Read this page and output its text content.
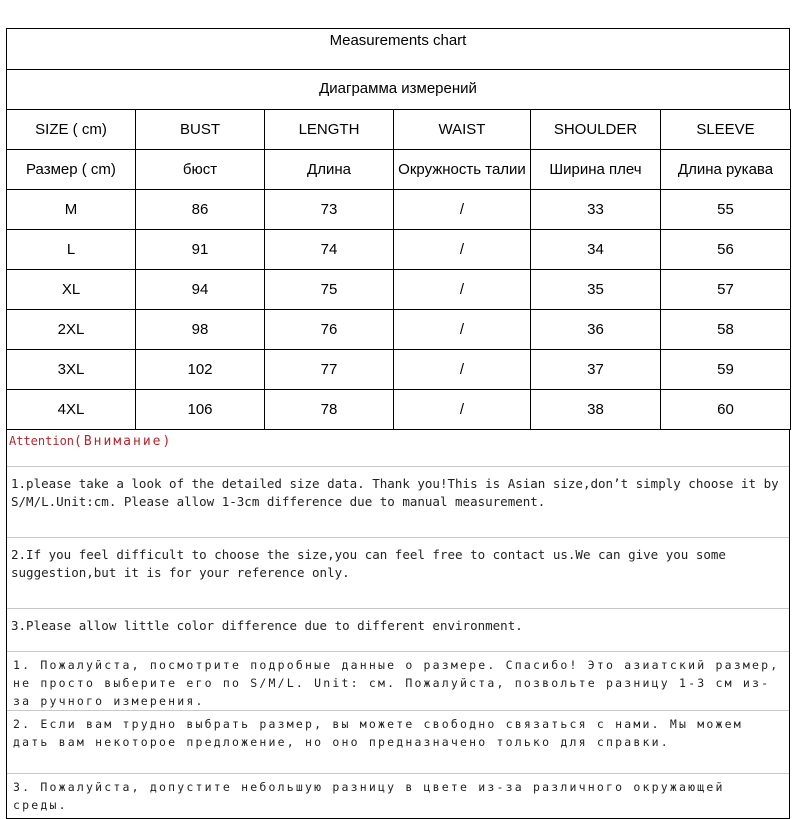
Measurements chart
Диаграмма измерений
SIZE ( cm)	BUST	LENGTH	WAIST	SHOULDER	SLEEVE
Размер ( cm)	бюст	Длина	Окружность талии	Ширина плеч	Длина рукава
M	86	73	/	33	55
L	91	74	/	34	56
XL	94	75	/	35	57
2XL	98	76	/	36	58
3XL	102	77	/	37	59
4XL	106	78	/	38	60
Attention(Внимание)
1.please take a look of the detailed size data. Thank you!This is Asian size,don’t simply choose it by S/M/L.Unit:cm. Please allow 1-3cm difference due to manual measurement.
2.If you feel difficult to choose the size,you can feel free to contact us.We can give you some suggestion,but it is for your reference only.
3.Please allow little color difference due to different environment.
1. Пожалуйста, посмотрите подробные данные о размере. Спасибо! Это азиатский размер, не просто выберите его по S/M/L. Unit: см. Пожалуйста, позвольте разницу 1-3 см из-за ручного измерения.
2. Если вам трудно выбрать размер, вы можете свободно связаться с нами. Мы можем дать вам некоторое предложение, но оно предназначено только для справки.
3. Пожалуйста, допустите небольшую разницу в цвете из-за различного окружающей среды.
